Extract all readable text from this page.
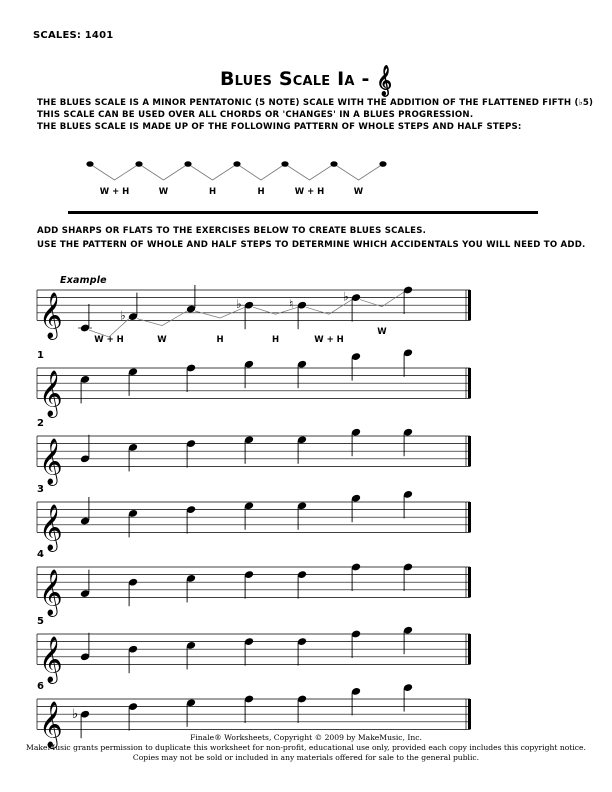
SCALES: 1401
Blues Scale Ia - 𝄞
THE BLUES SCALE IS A MINOR PENTATONIC (5 NOTE) SCALE WITH THE ADDITION OF THE FLATTENED FIFTH (♭5)
THIS SCALE CAN BE USED OVER ALL CHORDS OR 'CHANGES' IN A BLUES PROGRESSION.
THE BLUES SCALE IS MADE UP OF THE FOLLOWING PATTERN OF WHOLE STEPS AND HALF STEPS:
W + H	W	H	H	W + H	W
ADD SHARPS OR FLATS TO THE EXERCISES BELOW TO CREATE BLUES SCALES.
USE THE PATTERN OF WHOLE AND HALF STEPS TO DETERMINE WHICH ACCIDENTALS YOU WILL NEED TO ADD.
Example
𝄞	♭
♭	♮
♭
W + H	W	H	H	W + H
W
1
𝄞
2
𝄞
3
𝄞
4
𝄞
5
𝄞
6
𝄞 ♭
Finale® Worksheets, Copyright © 2009 by MakeMusic, Inc.
MakeMusic grants permission to duplicate this worksheet for non-profit, educational use only, provided each copy includes this copyright notice.
Copies may not be sold or included in any materials offered for sale to the general public.
